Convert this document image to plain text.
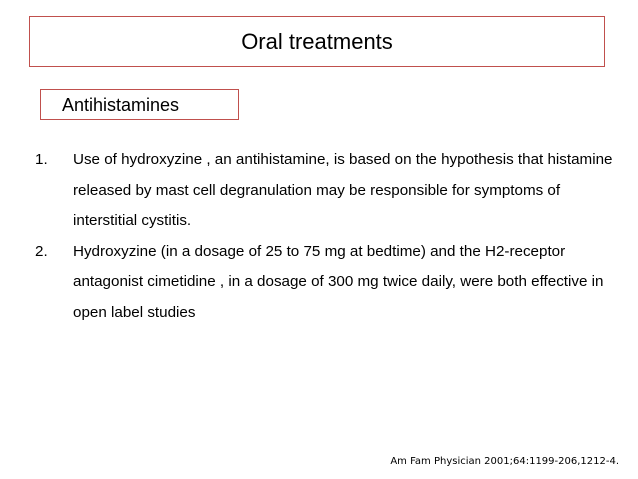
Oral treatments
Antihistamines
1.	Use of hydroxyzine , an antihistamine, is based on the hypothesis that histamine released by mast cell degranulation may be responsible for symptoms of interstitial cystitis.
2.	Hydroxyzine (in a dosage of 25 to 75 mg at bedtime) and the H2-receptor antagonist cimetidine , in a dosage of 300 mg twice daily, were both effective in open label studies
Am Fam Physician 2001;64:1199-206,1212-4.
